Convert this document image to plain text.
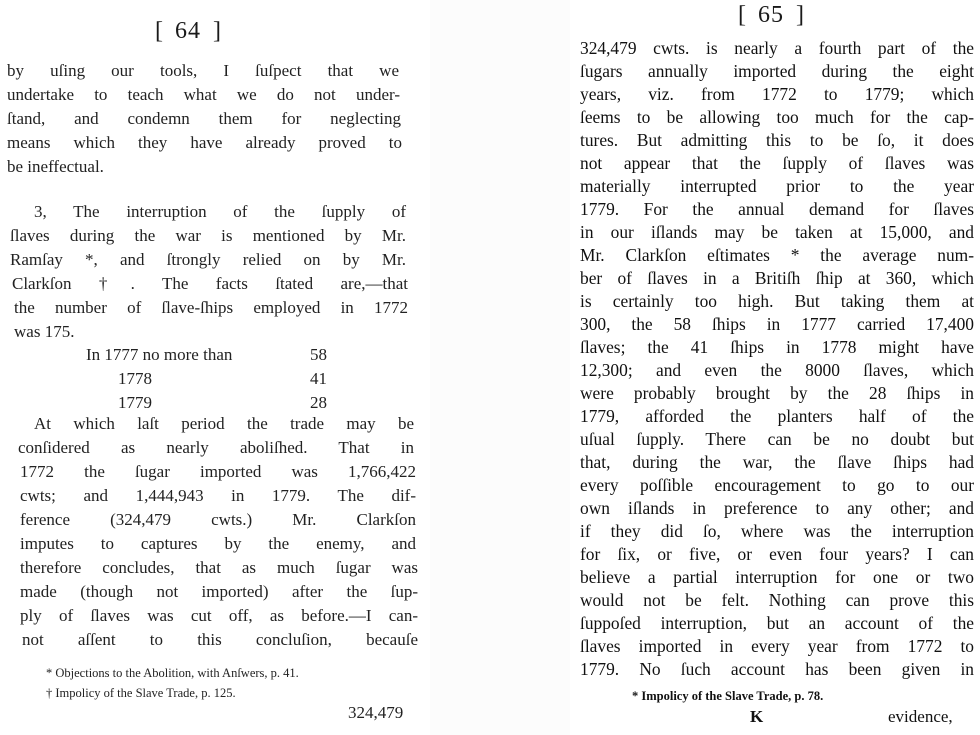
[ 64 ]
by uſing our tools, I ſuſpect that we
undertake to teach what we do not under-
ſtand, and condemn them for neglecting
means which they have already proved to
be ineffectual.
3, The interruption of the ſupply of
ſlaves during the war is mentioned by Mr.
Ramſay *, and ſtrongly relied on by Mr.
Clarkſon †. The facts ſtated are,—that
the number of ſlave-ſhips employed in 1772
was 175.
In 1777 no more than	58
1778	41
1779	28
At which laſt period the trade may be
conſidered as nearly aboliſhed. That in
1772 the ſugar imported was 1,766,422
cwts; and 1,444,943 in 1779. The dif-
ference (324,479 cwts.) Mr. Clarkſon
imputes to captures by the enemy, and
therefore concludes, that as much ſugar was
made (though not imported) after the ſup-
ply of ſlaves was cut off, as before.—I can-
not aſſent to this concluſion, becauſe
* Objections to the Abolition, with Anſwers, p. 41.
† Impolicy of the Slave Trade, p. 125.
324,479
[ 65 ]
324,479 cwts. is nearly a fourth part of the
ſugars annually imported during the eight
years, viz. from 1772 to 1779; which
ſeems to be allowing too much for the cap-
tures. But admitting this to be ſo, it does
not appear that the ſupply of ſlaves was
materially interrupted prior to the year
1779. For the annual demand for ſlaves
in our iſlands may be taken at 15,000, and
Mr. Clarkſon eſtimates * the average num-
ber of ſlaves in a Britiſh ſhip at 360, which
is certainly too high. But taking them at
300, the 58 ſhips in 1777 carried 17,400
ſlaves; the 41 ſhips in 1778 might have
12,300; and even the 8000 ſlaves, which
were probably brought by the 28 ſhips in
1779, afforded the planters half of the
uſual ſupply. There can be no doubt but
that, during the war, the ſlave ſhips had
every poſſible encouragement to go to our
own iſlands in preference to any other; and
if they did ſo, where was the interruption
for ſix, or five, or even four years? I can
believe a partial interruption for one or two
would not be felt. Nothing can prove this
ſuppoſed interruption, but an account of the
ſlaves imported in every year from 1772 to
1779. No ſuch account has been given in
* Impolicy of the Slave Trade, p. 78.
K	evidence,
